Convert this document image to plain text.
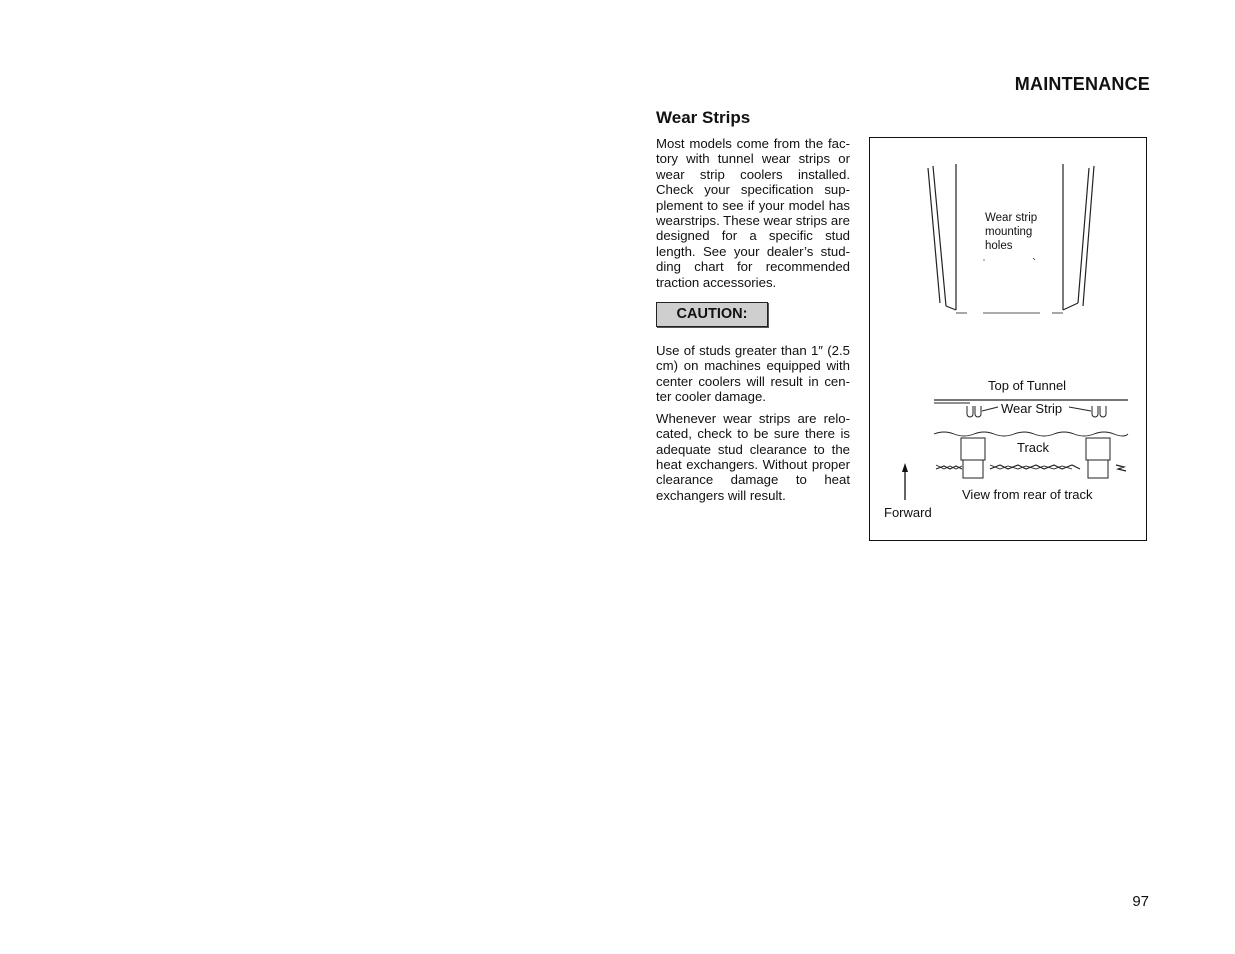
MAINTENANCE
Wear Strips

Most models come from the factory with tunnel wear strips or wear strip coolers installed. Check your specification supplement to see if your model has wearstrips. These wear strips are designed for a specific stud length. See your dealer’s studding chart for recommended traction accessories.

CAUTION:

Use of studs greater than 1″ (2.5 cm) on machines equipped with center coolers will result in center cooler damage.

Whenever wear strips are relocated, check to be sure there is adequate stud clearance to the heat exchangers. Without proper clearance damage to heat exchangers will result.

Wear strip mounting holes
Top of Tunnel
Wear Strip
Track
View from rear of track
Forward
97
